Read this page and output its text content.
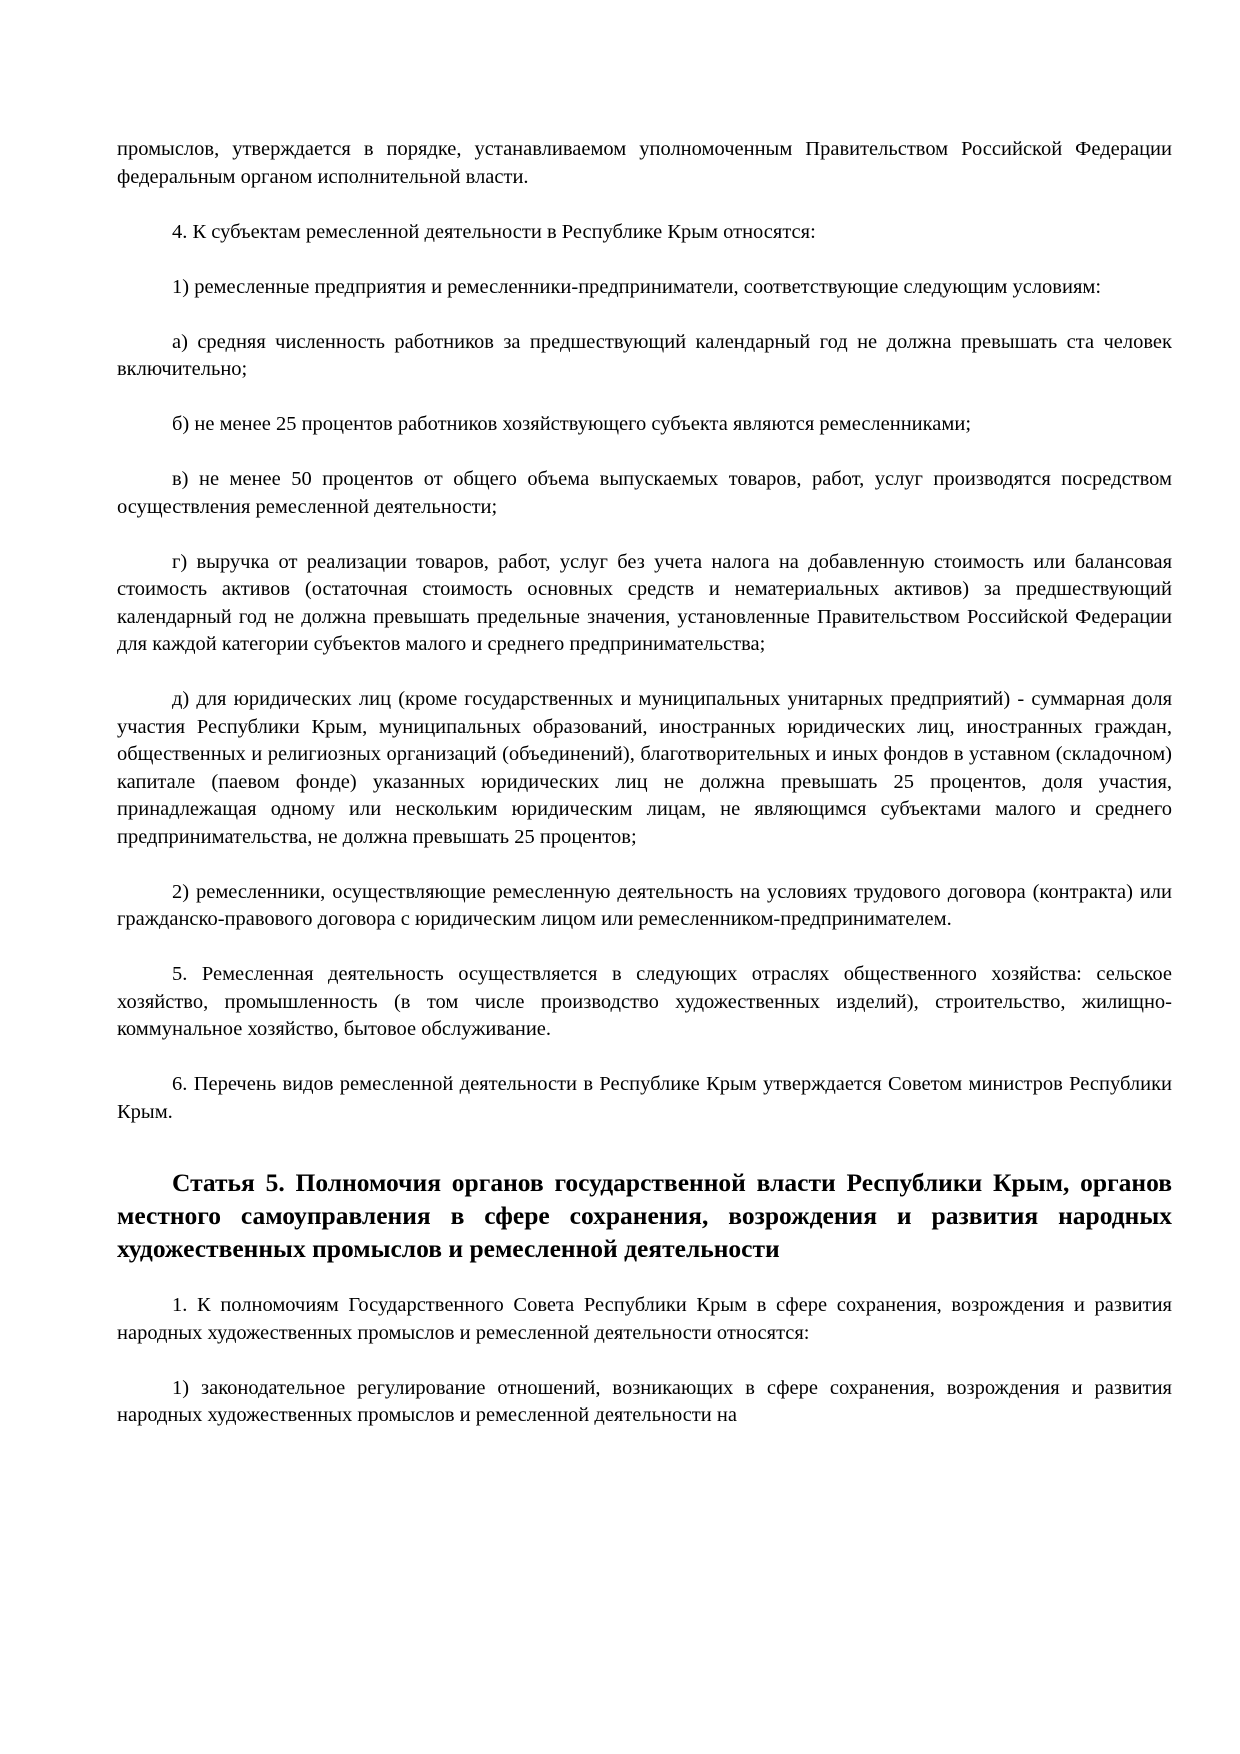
промыслов, утверждается в порядке, устанавливаемом уполномоченным Правительством Российской Федерации федеральным органом исполнительной власти.

4. К субъектам ремесленной деятельности в Республике Крым относятся:

1) ремесленные предприятия и ремесленники-предприниматели, соответствующие следующим условиям:

а) средняя численность работников за предшествующий календарный год не должна превышать ста человек включительно;

б) не менее 25 процентов работников хозяйствующего субъекта являются ремесленниками;

в) не менее 50 процентов от общего объема выпускаемых товаров, работ, услуг производятся посредством осуществления ремесленной деятельности;

г) выручка от реализации товаров, работ, услуг без учета налога на добавленную стоимость или балансовая стоимость активов (остаточная стоимость основных средств и нематериальных активов) за предшествующий календарный год не должна превышать предельные значения, установленные Правительством Российской Федерации для каждой категории субъектов малого и среднего предпринимательства;

д) для юридических лиц (кроме государственных и муниципальных унитарных предприятий) - суммарная доля участия Республики Крым, муниципальных образований, иностранных юридических лиц, иностранных граждан, общественных и религиозных организаций (объединений), благотворительных и иных фондов в уставном (складочном) капитале (паевом фонде) указанных юридических лиц не должна превышать 25 процентов, доля участия, принадлежащая одному или нескольким юридическим лицам, не являющимся субъектами малого и среднего предпринимательства, не должна превышать 25 процентов;

2) ремесленники, осуществляющие ремесленную деятельность на условиях трудового договора (контракта) или гражданско-правового договора с юридическим лицом или ремесленником-предпринимателем.

5. Ремесленная деятельность осуществляется в следующих отраслях общественного хозяйства: сельское хозяйство, промышленность (в том числе производство художественных изделий), строительство, жилищно-коммунальное хозяйство, бытовое обслуживание.

6. Перечень видов ремесленной деятельности в Республике Крым утверждается Советом министров Республики Крым.

Статья 5. Полномочия органов государственной власти Республики Крым, органов местного самоуправления в сфере сохранения, возрождения и развития народных художественных промыслов и ремесленной деятельности

1. К полномочиям Государственного Совета Республики Крым в сфере сохранения, возрождения и развития народных художественных промыслов и ремесленной деятельности относятся:

1) законодательное регулирование отношений, возникающих в сфере сохранения, возрождения и развития народных художественных промыслов и ремесленной деятельности на
